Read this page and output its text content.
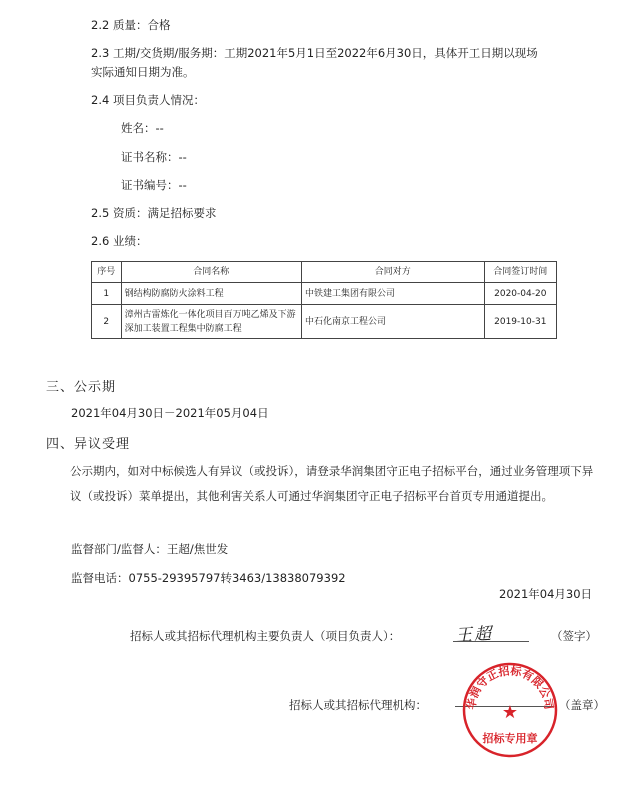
2.2 质量：合格
2.3 工期/交货期/服务期：工期2021年5月1日至2022年6月30日，具体开工日期以现场
实际通知日期为准。
2.4 项目负责人情况：
姓名：--
证书名称：--
证书编号：--
2.5 资质：满足招标要求
2.6 业绩：
序号	合同名称	合同对方	合同签订时间
1	钢结构防腐防火涂料工程	中铁建工集团有限公司	2020-04-20
2	漳州古雷炼化一体化项目百万吨乙烯及下游深加工装置工程集中防腐工程	中石化南京工程公司	2019-10-31
三、公示期
2021年04月30日－2021年05月04日
四、异议受理
公示期内，如对中标候选人有异议（或投诉），请登录华润集团守正电子招标平台，通过业务管理项下异议（或投诉）菜单提出，其他利害关系人可通过华润集团守正电子招标平台首页专用通道提出。
监督部门/监督人：王超/焦世发
监督电话：0755-29395797转3463/13838079392
2021年04月30日
招标人或其招标代理机构主要负责人（项目负责人）：	王超	（签字）
招标人或其招标代理机构：	（盖章）
华润守正招标有限公司
★
招标专用章
